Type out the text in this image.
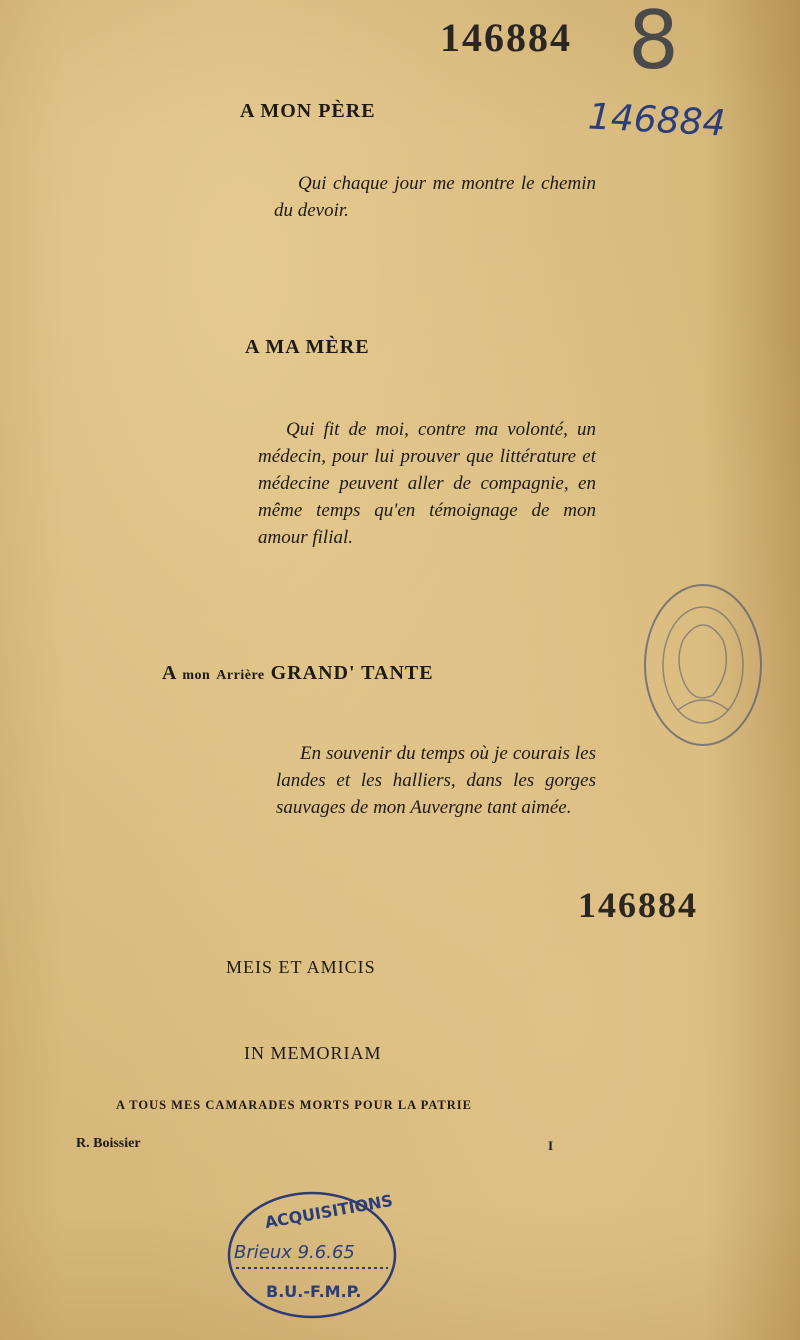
146884 8
146884
A MON PÈRE
Qui chaque jour me montre le chemin du devoir.
A MA MÈRE
Qui fit de moi, contre ma volonté, un médecin, pour lui prouver que littérature et médecine peuvent aller de compagnie, en même temps qu'en témoignage de mon amour filial.
A mon Arrière GRAND' TANTE
En souvenir du temps où je courais les landes et les halliers, dans les gorges sauvages de mon Auvergne tant aimée.
146884
MEIS ET AMICIS
IN MEMORIAM
A TOUS MES CAMARADES MORTS POUR LA PATRIE
R. Boissier	I
ACQUISITIONS
Brieux 9.6.65
B.U.-F.M.P.
